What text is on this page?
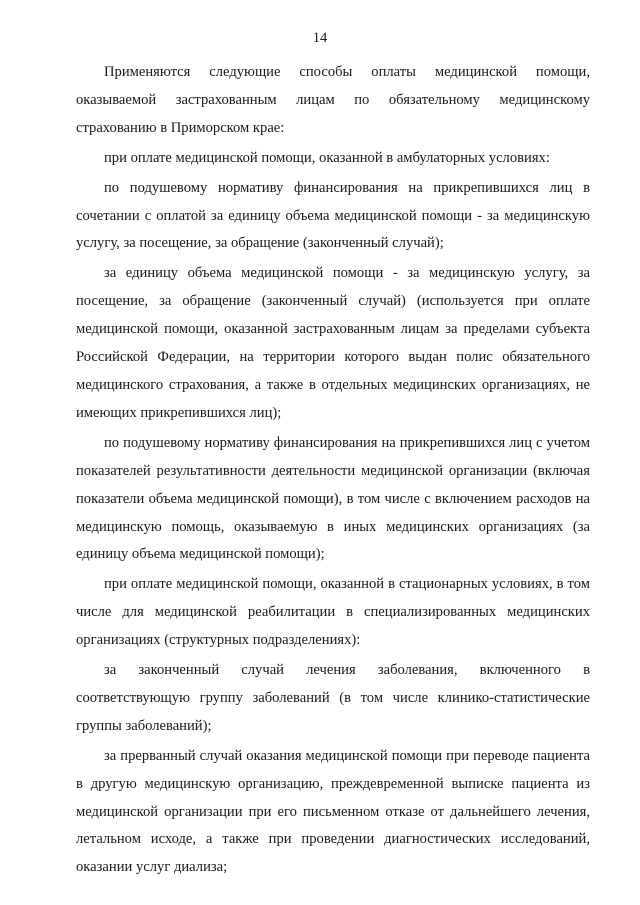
14

Применяются следующие способы оплаты медицинской помощи, оказываемой застрахованным лицам по обязательному медицинскому страхованию в Приморском крае:

при оплате медицинской помощи, оказанной в амбулаторных условиях:

по подушевому нормативу финансирования на прикрепившихся лиц в сочетании с оплатой за единицу объема медицинской помощи - за медицинскую услугу, за посещение, за обращение (законченный случай);

за единицу объема медицинской помощи - за медицинскую услугу, за посещение, за обращение (законченный случай) (используется при оплате медицинской помощи, оказанной застрахованным лицам за пределами субъекта Российской Федерации, на территории которого выдан полис обязательного медицинского страхования, а также в отдельных медицинских организациях, не имеющих прикрепившихся лиц);

по подушевому нормативу финансирования на прикрепившихся лиц с учетом показателей результативности деятельности медицинской организации (включая показатели объема медицинской помощи), в том числе с включением расходов на медицинскую помощь, оказываемую в иных медицинских организациях (за единицу объема медицинской помощи);

при оплате медицинской помощи, оказанной в стационарных условиях, в том числе для медицинской реабилитации в специализированных медицинских организациях (структурных подразделениях):

за законченный случай лечения заболевания, включенного в соответствующую группу заболеваний (в том числе клинико-статистические группы заболеваний);

за прерванный случай оказания медицинской помощи при переводе пациента в другую медицинскую организацию, преждевременной выписке пациента из медицинской организации при его письменном отказе от дальнейшего лечения, летальном исходе, а также при проведении диагностических исследований, оказании услуг диализа;
